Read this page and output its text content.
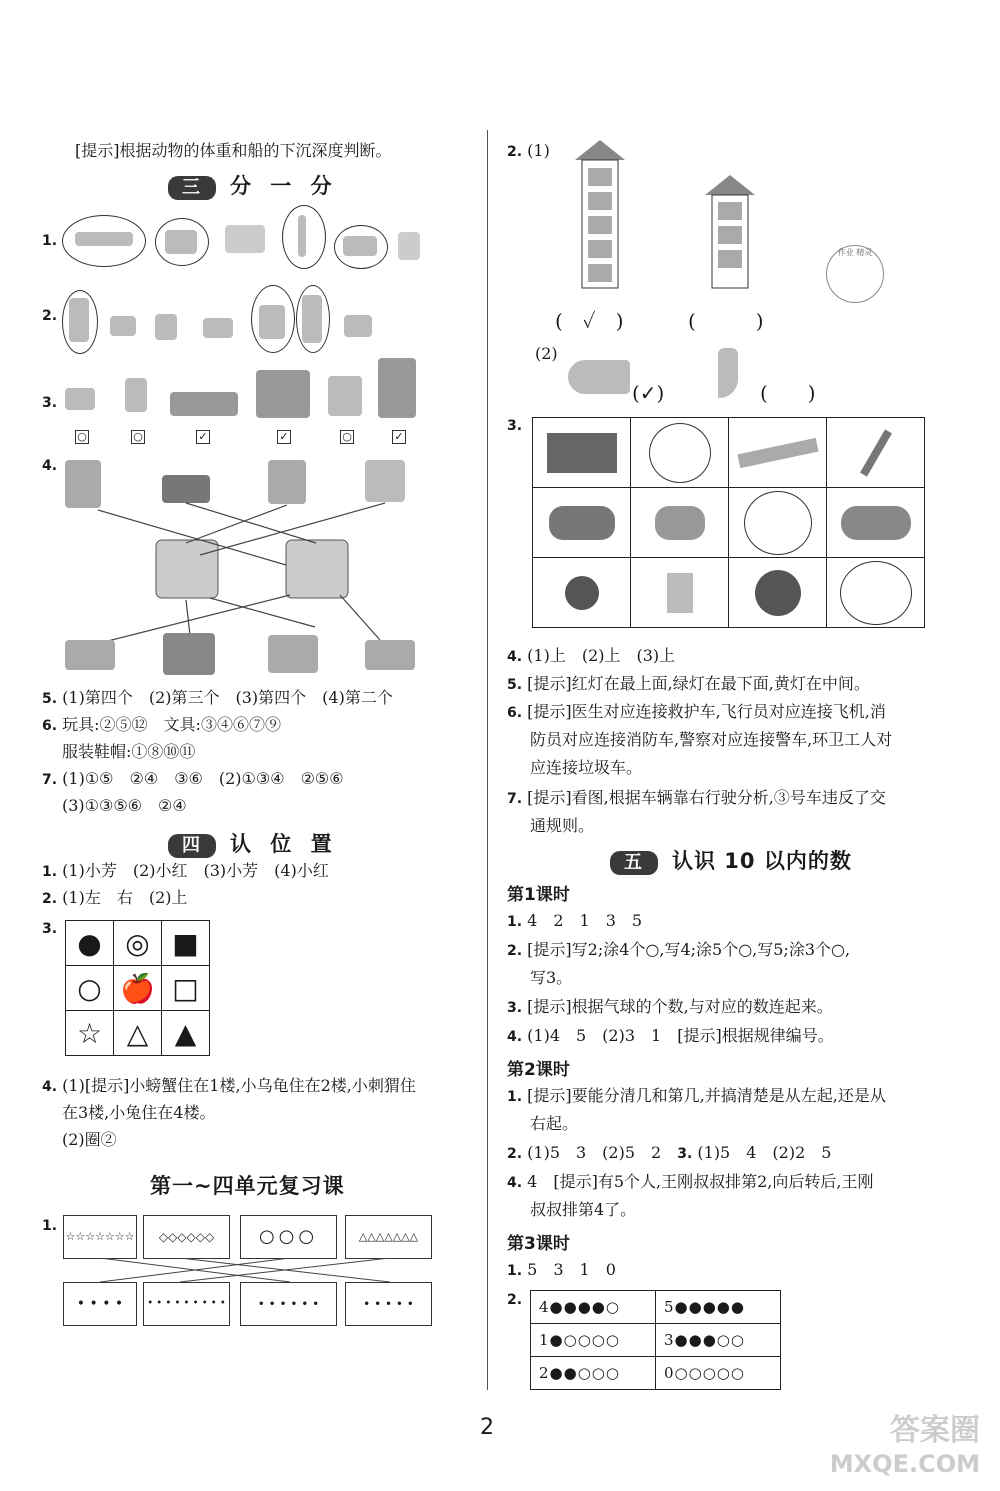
[提示]根据动物的体重和船的下沉深度判断。
三 分 一 分
1.
2.
3.
○	○	✓	✓	○	✓
4.
5. (1)第四个　(2)第三个　(3)第四个　(4)第二个
6. 玩具:②⑤⑫　文具:③④⑥⑦⑨
服装鞋帽:①⑧⑩⑪
7. (1)①⑤　②④　③⑥　(2)①③④　②⑤⑥
(3)①③⑤⑥　②④
四 认 位 置
1. (1)小芳　(2)小红　(3)小芳　(4)小红
2. (1)左　右　(2)上
3. ●	◎	■
○	🍎	□
☆	△	▲
4. (1)[提示]小螃蟹住在1楼,小乌龟住在2楼,小刺猬住
在3楼,小兔住在4楼。
(2)圈②
第一~四单元复习课
1.
☆☆☆☆☆☆☆	◇◇◇◇◇◇	○○○	△△△△△△△
• • • •	• • • • • • • • •	• • • • • •	• • • • •
2. (1)
作业 精灵
(　✓　)	(　　　)
(2)
(✓)	(　　)
3.

4. (1)上　(2)上　(3)上
5. [提示]红灯在最上面,绿灯在最下面,黄灯在中间。
6. [提示]医生对应连接救护车,飞行员对应连接飞机,消
防员对应连接消防车,警察对应连接警车,环卫工人对
应连接垃圾车。
7. [提示]看图,根据车辆靠右行驶分析,③号车违反了交
通规则。
五 认识 10 以内的数
第1课时
1. 4　2　1　3　5
2. [提示]写2;涂4个○,写4;涂5个○,写5;涂3个○,
写3。
3. [提示]根据气球的个数,与对应的数连起来。
4. (1)4　5　(2)3　1　[提示]根据规律编号。
第2课时
1. [提示]要能分清几和第几,并搞清楚是从左起,还是从
右起。
2. (1)5　3　(2)5　2　 3. (1)5　4　(2)2　5
4. 4　[提示]有5个人,王刚叔叔排第2,向后转后,王刚
叔叔排第4了。
第3课时
1. 5　3　1　0
2. 4●●●●○	5●●●●●
1●○○○○	3●●●○○
2●●○○○	0○○○○○
2	答案圈
MXQE.COM
